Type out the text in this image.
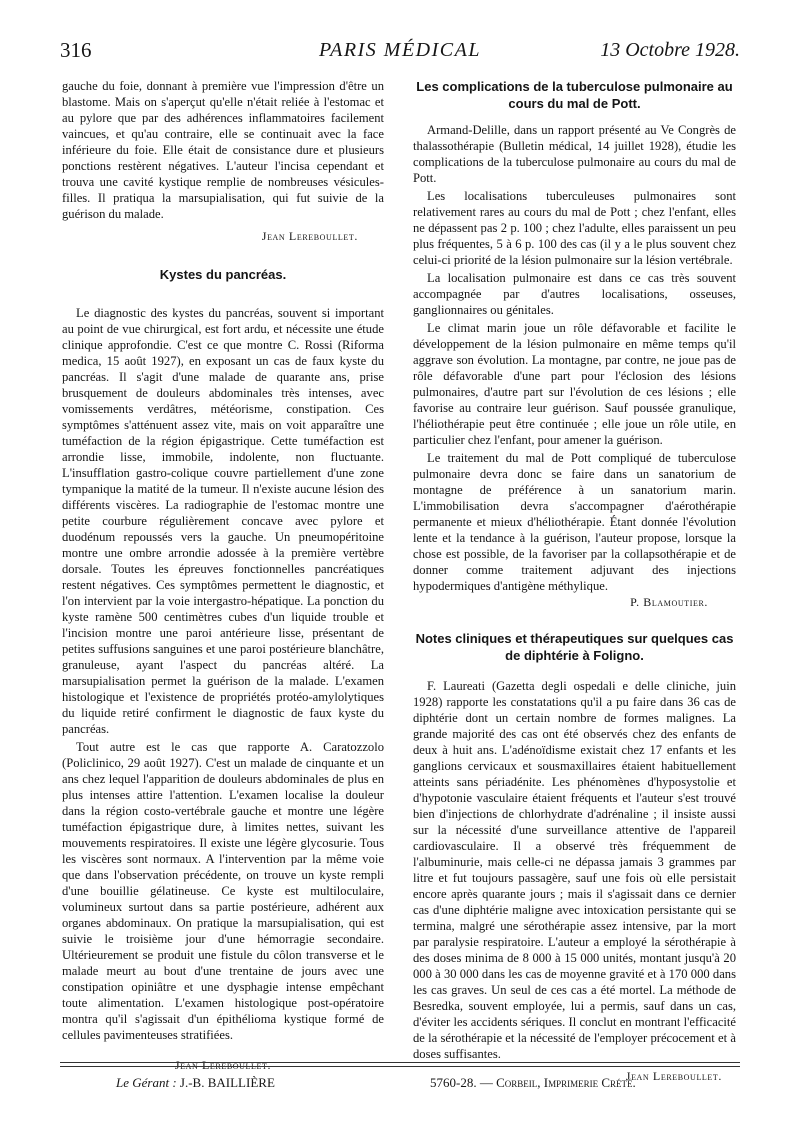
316	PARIS MÉDICAL	13 Octobre 1928.

gauche du foie, donnant à première vue l'impression d'être un blastome. Mais on s'aperçut qu'elle n'était reliée à l'estomac et au pylore que par des adhérences inflammatoires facilement vaincues, et qu'au contraire, elle se continuait avec la face inférieure du foie. Elle était de consistance dure et plusieurs ponctions restèrent négatives. L'auteur l'incisa cependant et trouva une cavité kystique remplie de nombreuses vésicules-filles. Il pratiqua la marsupialisation, qui fut suivie de la guérison du malade.

Jean Lereboullet.
Kystes du pancréas.

Le diagnostic des kystes du pancréas, souvent si important au point de vue chirurgical, est fort ardu, et nécessite une étude clinique approfondie. C'est ce que montre C. Rossi (Riforma medica, 15 août 1927), en exposant un cas de faux kyste du pancréas. Il s'agit d'une malade de quarante ans, prise brusquement de douleurs abdominales très intenses, avec vomissements verdâtres, météorisme, constipation. Ces symptômes s'atténuent assez vite, mais on voit apparaître une tuméfaction de la région épigastrique. Cette tuméfaction est arrondie lisse, immobile, indolente, non fluctuante. L'insufflation gastro-colique couvre partiellement d'une zone tympanique la matité de la tumeur. Il n'existe aucune lésion des différents viscères. La radiographie de l'estomac montre une petite courbure régulièrement concave avec pylore et duodénum repoussés vers la gauche. Un pneumopéritoine montre une ombre arrondie adossée à la première vertèbre dorsale. Toutes les épreuves fonctionnelles pancréatiques restent négatives. Ces symptômes permettent le diagnostic, et l'on intervient par la voie intergastro-hépatique. La ponction du kyste ramène 500 centimètres cubes d'un liquide trouble et l'incision montre une paroi antérieure lisse, présentant de petites suffusions sanguines et une paroi postérieure blanchâtre, granuleuse, ayant l'aspect du pancréas altéré. La marsupialisation permet la guérison de la malade. L'examen histologique et l'existence de propriétés protéo-amylolytiques du liquide retiré confirment le diagnostic de faux kyste du pancréas.

Tout autre est le cas que rapporte A. Caratozzolo (Policlinico, 29 août 1927). C'est un malade de cinquante et un ans chez lequel l'apparition de douleurs abdominales de plus en plus intenses attire l'attention. L'examen localise la douleur dans la région costo-vertébrale gauche et montre une légère tuméfaction épigastrique dure, à limites nettes, suivant les mouvements respiratoires. Il existe une légère glycosurie. Tous les viscères sont normaux. A l'intervention par la même voie que dans l'observation précédente, on trouve un kyste rempli d'une bouillie gélatineuse. Ce kyste est multiloculaire, volumineux surtout dans sa partie postérieure, adhérent aux organes abdominaux. On pratique la marsupialisation, qui est suivie le troisième jour d'une hémorragie secondaire. Ultérieurement se produit une fistule du côlon transverse et le malade meurt au bout d'une trentaine de jours avec une constipation opiniâtre et une dysphagie intense empêchant toute alimentation. L'examen histologique post-opératoire montra qu'il s'agissait d'un épithélioma kystique formé de cellules pavimenteuses stratifiées.

Jean Lereboullet.
Les complications de la tuberculose pulmonaire au cours du mal de Pott.

Armand-Delille, dans un rapport présenté au Ve Congrès de thalassothérapie (Bulletin médical, 14 juillet 1928), étudie les complications de la tuberculose pulmonaire au cours du mal de Pott.

Les localisations tuberculeuses pulmonaires sont relativement rares au cours du mal de Pott ; chez l'enfant, elles ne dépassent pas 2 p. 100 ; chez l'adulte, elles paraissent un peu plus fréquentes, 5 à 6 p. 100 des cas (il y a le plus souvent chez celui-ci priorité de la lésion pulmonaire sur la lésion vertébrale.

La localisation pulmonaire est dans ce cas très souvent accompagnée par d'autres localisations, osseuses, ganglionnaires ou génitales.

Le climat marin joue un rôle défavorable et facilite le développement de la lésion pulmonaire en même temps qu'il aggrave son évolution. La montagne, par contre, ne joue pas de rôle défavorable d'une part pour l'éclosion des lésions pulmonaires, d'autre part sur l'évolution de ces lésions ; elle favorise au contraire leur guérison. Sauf poussée granulique, l'héliothérapie peut être continuée ; elle joue un rôle utile, en particulier chez l'enfant, pour amener la guérison.

Le traitement du mal de Pott compliqué de tuberculose pulmonaire devra donc se faire dans un sanatorium de montagne de préférence à un sanatorium marin. L'immobilisation devra s'accompagner d'aérothérapie permanente et mieux d'héliothérapie. Étant donnée l'évolution lente et la tendance à la guérison, l'auteur propose, lorsque la chose est possible, de la favoriser par la collapsothérapie et de donner comme traitement adjuvant des injections hypodermiques d'antigène méthylique.

P. Blamoutier.
Notes cliniques et thérapeutiques sur quelques cas de diphtérie à Foligno.

F. Laureati (Gazetta degli ospedali e delle cliniche, juin 1928) rapporte les constatations qu'il a pu faire dans 36 cas de diphtérie dont un certain nombre de formes malignes. La grande majorité des cas ont été observés chez des enfants de deux à huit ans. L'adénoïdisme existait chez 17 enfants et les ganglions cervicaux et sousmaxillaires étaient habituellement atteints sans périadénite. Les phénomènes d'hyposystolie et d'hypotonie vasculaire étaient fréquents et l'auteur s'est trouvé bien d'injections de chlorhydrate d'adrénaline ; il insiste aussi sur la nécessité d'une surveillance attentive de l'appareil cardiovasculaire. Il a observé très fréquemment de l'albuminurie, mais celle-ci ne dépassa jamais 3 grammes par litre et fut toujours passagère, sauf une fois où elle persistait encore après quarante jours ; mais il s'agissait dans ce dernier cas d'une diphtérie maligne avec intoxication persistante qui se termina, malgré une sérothérapie assez intensive, par la mort par paralysie respiratoire. L'auteur a employé la sérothérapie à des doses minima de 8 000 à 15 000 unités, montant jusqu'à 20 000 à 30 000 dans les cas de moyenne gravité et à 170 000 dans les cas graves. Un seul de ces cas a été mortel. La méthode de Besredka, souvent employée, lui a permis, sauf dans un cas, d'éviter les accidents sériques. Il conclut en montrant l'efficacité de la sérothérapie et la nécessité de l'employer précocement et à doses suffisantes.

Jean Lereboullet.
Le Gérant : J.-B. BAILLIÈRE	5760-28. — Corbeil, Imprimerie Crété.
